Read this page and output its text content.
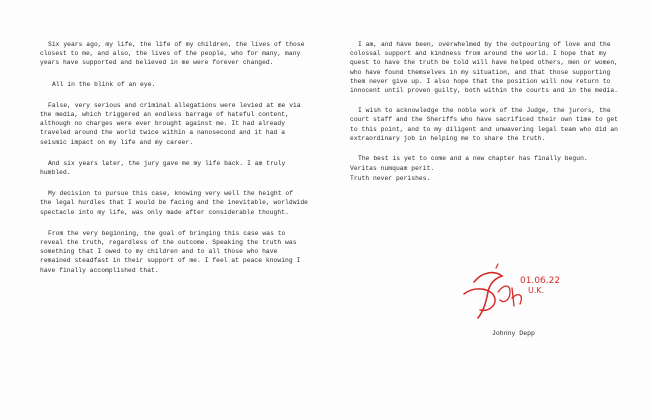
Six years ago, my life, the life of my children, the lives of those closest to me, and also, the lives of the people, who for many, many years have supported and believed in me were forever changed.

All in the blink of an eye.

False, very serious and criminal allegations were levied at me via the media, which triggered an endless barrage of hateful content, although no charges were ever brought against me. It had already traveled around the world twice within a nanosecond and it had a seismic impact on my life and my career.

And six years later, the jury gave me my life back. I am truly humbled.

My decision to pursue this case, knowing very well the height of the legal hurdles that I would be facing and the inevitable, worldwide spectacle into my life, was only made after considerable thought.

From the very beginning, the goal of bringing this case was to reveal the truth, regardless of the outcome. Speaking the truth was something that I owed to my children and to all those who have remained steadfast in their support of me. I feel at peace knowing I have finally accomplished that.

I am, and have been, overwhelmed by the outpouring of love and the colossal support and kindness from around the world. I hope that my quest to have the truth be told will have helped others, men or women, who have found themselves in my situation, and that those supporting them never give up. I also hope that the position will now return to innocent until proven guilty, both within the courts and in the media.

I wish to acknowledge the noble work of the Judge, the jurors, the court staff and the Sheriffs who have sacrificed their own time to get to this point, and to my diligent and unwavering legal team who did an extraordinary job in helping me to share the truth.

The best is yet to come and a new chapter has finally begun.

Veritas numquam perit.

Truth never perishes.

01.06.22
U.K.
Johnny Depp
